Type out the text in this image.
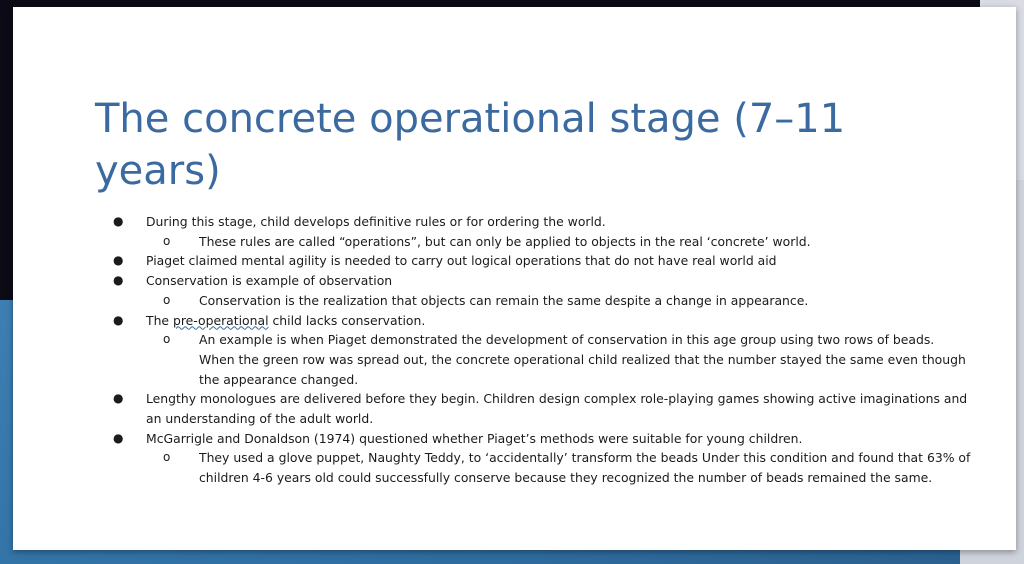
The concrete operational stage (7–11 years)
● During this stage, child develops definitive rules or for ordering the world.
o These rules are called “operations”, but can only be applied to objects in the real ‘concrete’ world.
● Piaget claimed mental agility is needed to carry out logical operations that do not have real world aid
● Conservation is example of observation
o Conservation is the realization that objects can remain the same despite a change in appearance.
● The pre-operational child lacks conservation.
o An example is when Piaget demonstrated the development of conservation in this age group using two rows of beads.
When the green row was spread out, the concrete operational child realized that the number stayed the same even though
the appearance changed.
● Lengthy monologues are delivered before they begin. Children design complex role-playing games showing active imaginations and
an understanding of the adult world.
● McGarrigle and Donaldson (1974) questioned whether Piaget’s methods were suitable for young children.
o They used a glove puppet, Naughty Teddy, to ‘accidentally’ transform the beads Under this condition and found that 63% of
children 4-6 years old could successfully conserve because they recognized the number of beads remained the same.
